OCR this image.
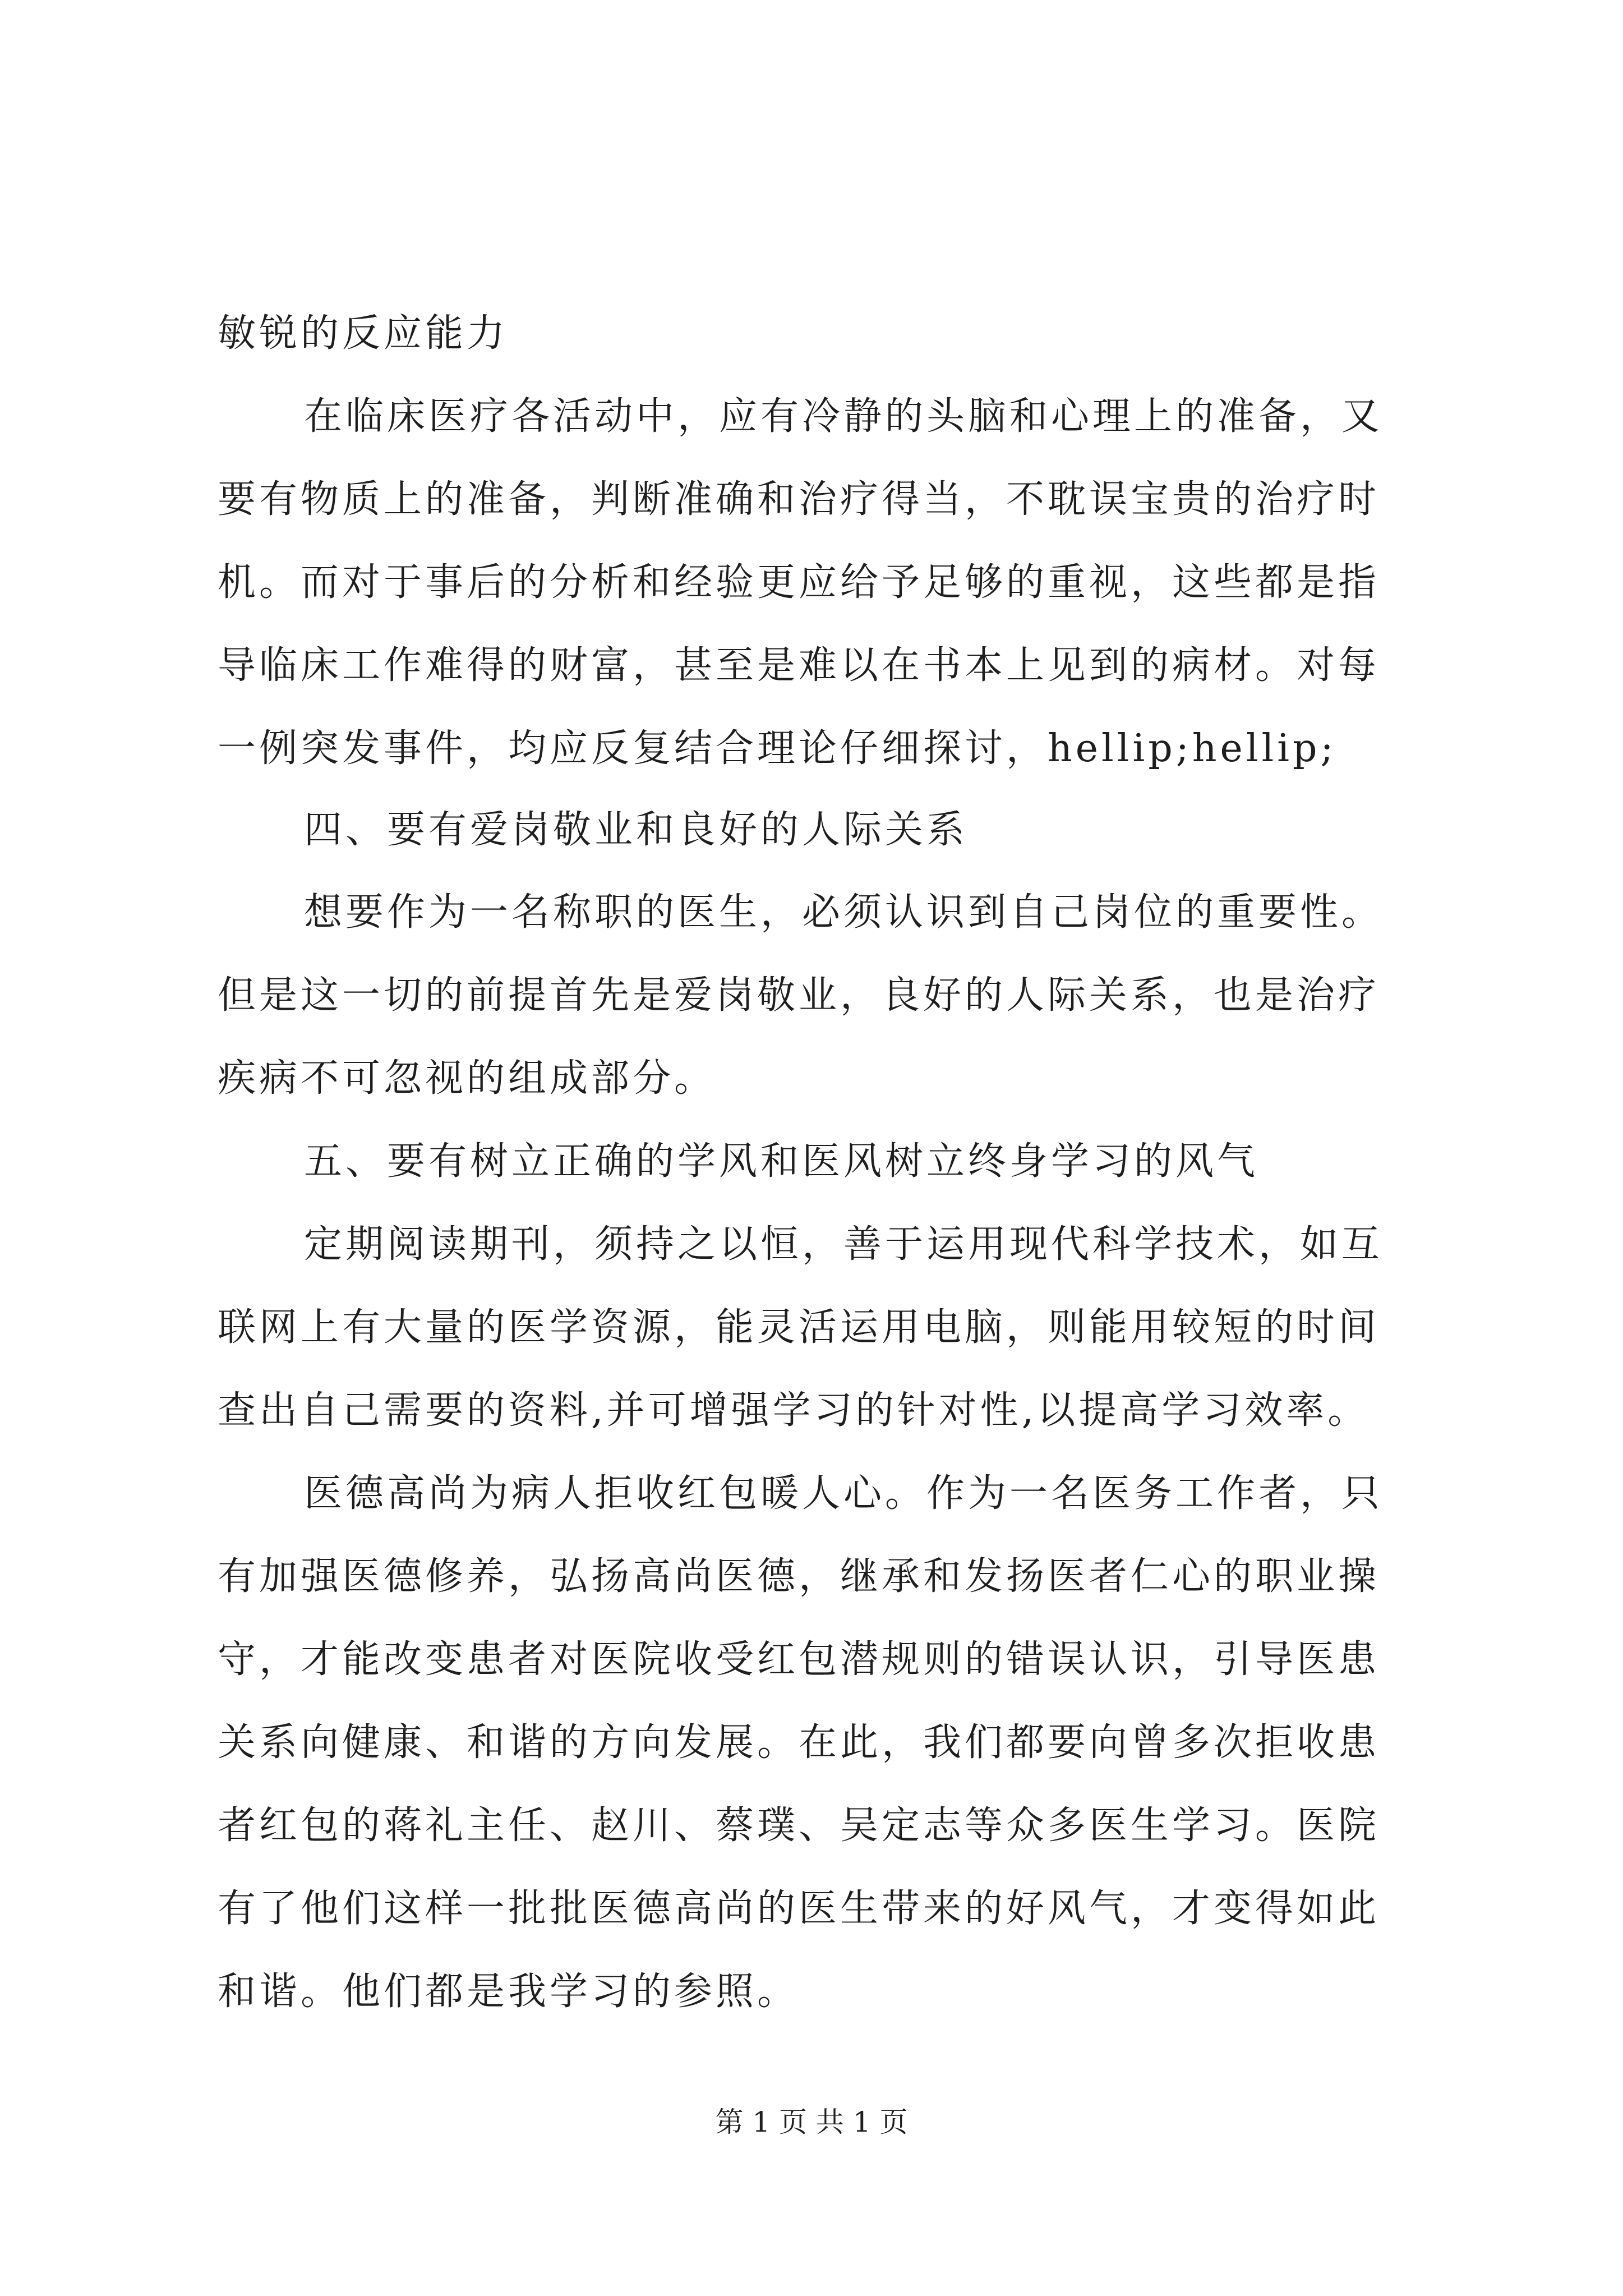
敏锐的反应能力
在临床医疗各活动中，应有冷静的头脑和心理上的准备，又
要有物质上的准备，判断准确和治疗得当，不耽误宝贵的治疗时
机。而对于事后的分析和经验更应给予足够的重视，这些都是指
导临床工作难得的财富，甚至是难以在书本上见到的病材。对每
一例突发事件，均应反复结合理论仔细探讨，hellip;hellip;
四、要有爱岗敬业和良好的人际关系
想要作为一名称职的医生，必须认识到自己岗位的重要性。
但是这一切的前提首先是爱岗敬业，良好的人际关系，也是治疗
疾病不可忽视的组成部分。
五、要有树立正确的学风和医风树立终身学习的风气
定期阅读期刊，须持之以恒，善于运用现代科学技术，如互
联网上有大量的医学资源，能灵活运用电脑，则能用较短的时间
查出自己需要的资料,并可增强学习的针对性,以提高学习效率。
医德高尚为病人拒收红包暖人心。作为一名医务工作者，只
有加强医德修养，弘扬高尚医德，继承和发扬医者仁心的职业操
守，才能改变患者对医院收受红包潜规则的错误认识，引导医患
关系向健康、和谐的方向发展。在此，我们都要向曾多次拒收患
者红包的蒋礼主任、赵川、蔡璞、吴定志等众多医生学习。医院
有了他们这样一批批医德高尚的医生带来的好风气，才变得如此
和谐。他们都是我学习的参照。
第 1 页 共 1 页
